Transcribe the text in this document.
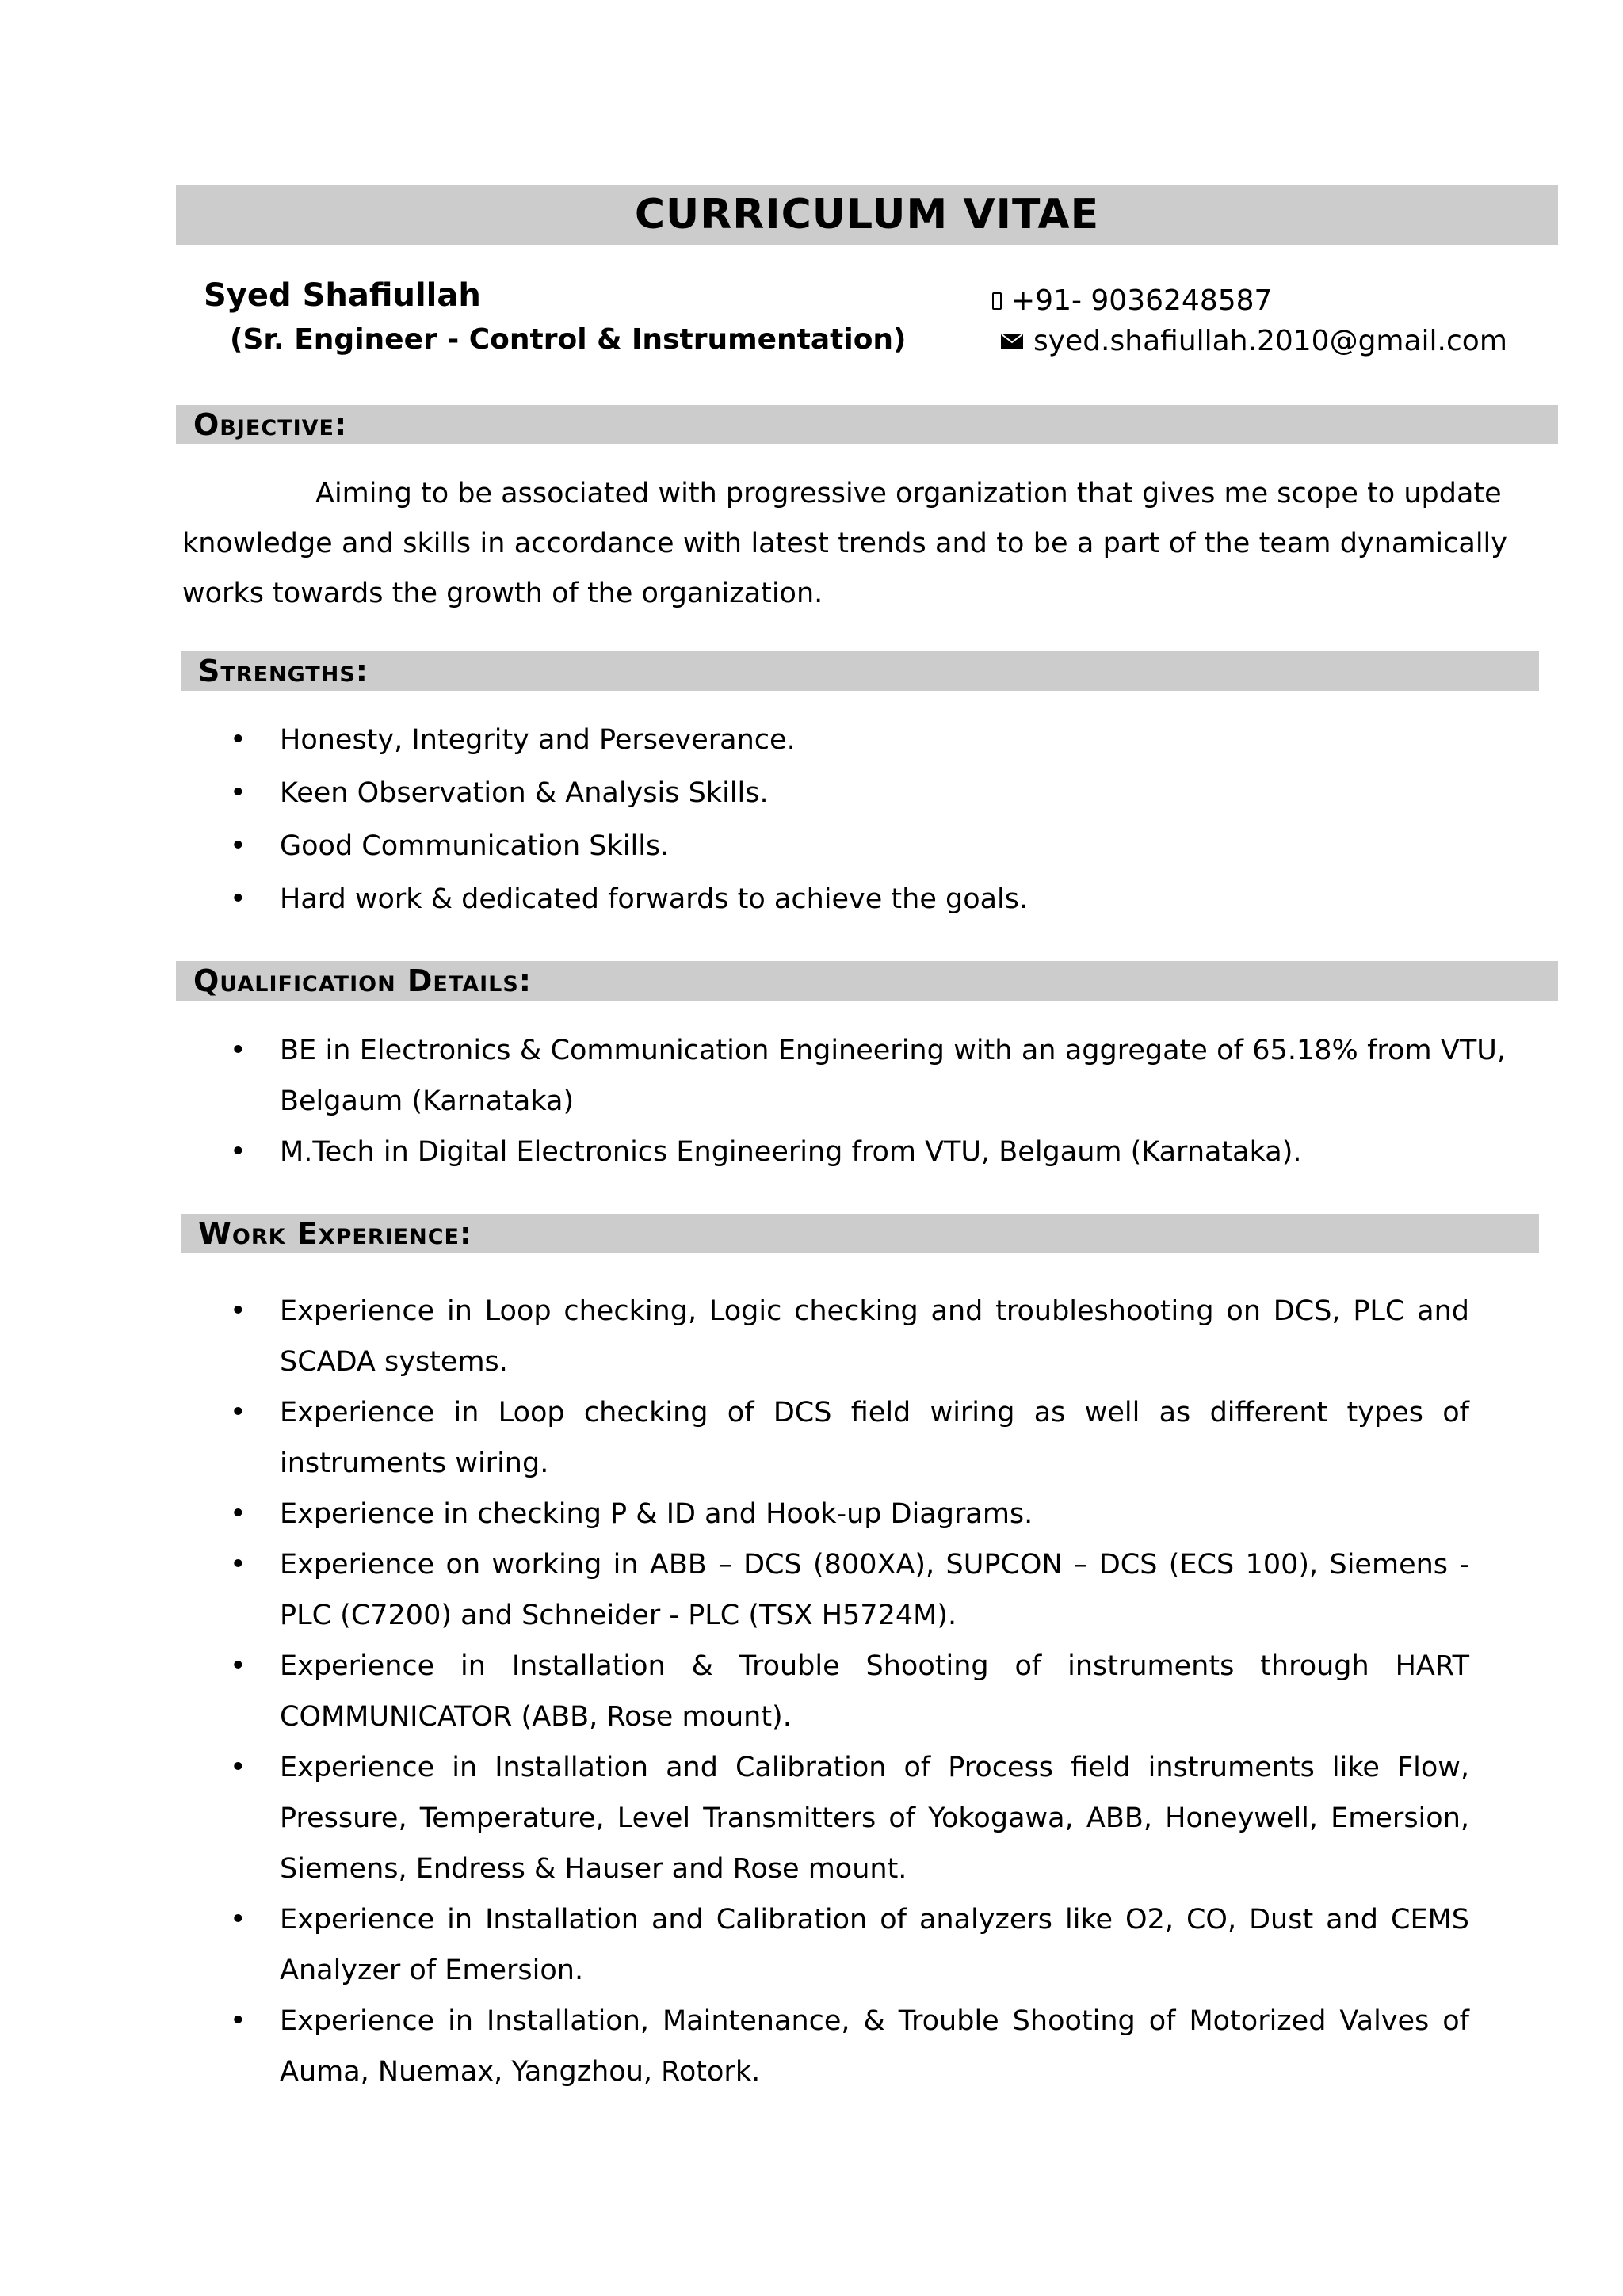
CURRICULUM VITAE
Syed Shafiullah
(Sr. Engineer - Control & Instrumentation)
+91- 9036248587
syed.shafiullah.2010@gmail.com
Objective:
Aiming to be associated with progressive organization that gives me scope to update
knowledge and skills in accordance with latest trends and to be a part of the team dynamically works towards the growth of the organization.
Strengths:
• Honesty, Integrity and Perseverance.
• Keen Observation & Analysis Skills.
• Good Communication Skills.
• Hard work & dedicated forwards to achieve the goals.
Qualification Details:
• BE in Electronics & Communication Engineering with an aggregate of 65.18% from VTU, Belgaum (Karnataka)
• M.Tech in Digital Electronics Engineering from VTU, Belgaum (Karnataka).
Work Experience:
• Experience in Loop checking, Logic checking and troubleshooting on DCS, PLC and SCADA systems.
• Experience in Loop checking of DCS field wiring as well as different types of instruments wiring.
• Experience in checking P & ID and Hook-up Diagrams.
• Experience on working in ABB – DCS (800XA), SUPCON – DCS (ECS 100), Siemens - PLC (C7200) and Schneider - PLC (TSX H5724M).
• Experience in Installation & Trouble Shooting of instruments through HART COMMUNICATOR (ABB, Rose mount).
• Experience in Installation and Calibration of Process field instruments like Flow, Pressure, Temperature, Level Transmitters of Yokogawa, ABB, Honeywell, Emersion, Siemens, Endress & Hauser and Rose mount.
• Experience in Installation and Calibration of analyzers like O2, CO, Dust and CEMS Analyzer of Emersion.
• Experience in Installation, Maintenance, & Trouble Shooting of Motorized Valves of Auma, Nuemax, Yangzhou, Rotork.
